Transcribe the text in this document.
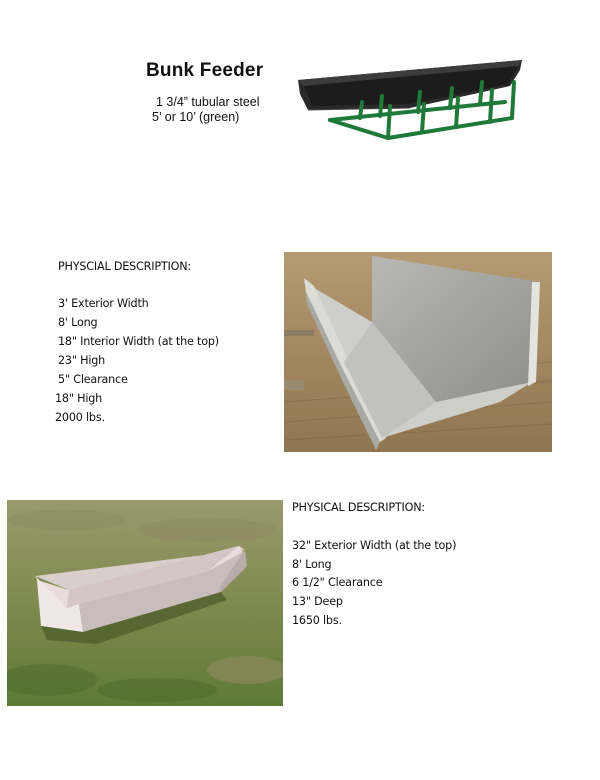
Bunk Feeder
1 3/4” tubular steel
5’ or 10’ (green)
PHYSCIAL DESCRIPTION:
3' Exterior Width
8' Long
18" Interior Width (at the top)
23" High
5" Clearance
18" High
2000 lbs.
PHYSICAL DESCRIPTION:
32" Exterior Width (at the top)
8' Long
6 1/2" Clearance
13" Deep
1650 lbs.
